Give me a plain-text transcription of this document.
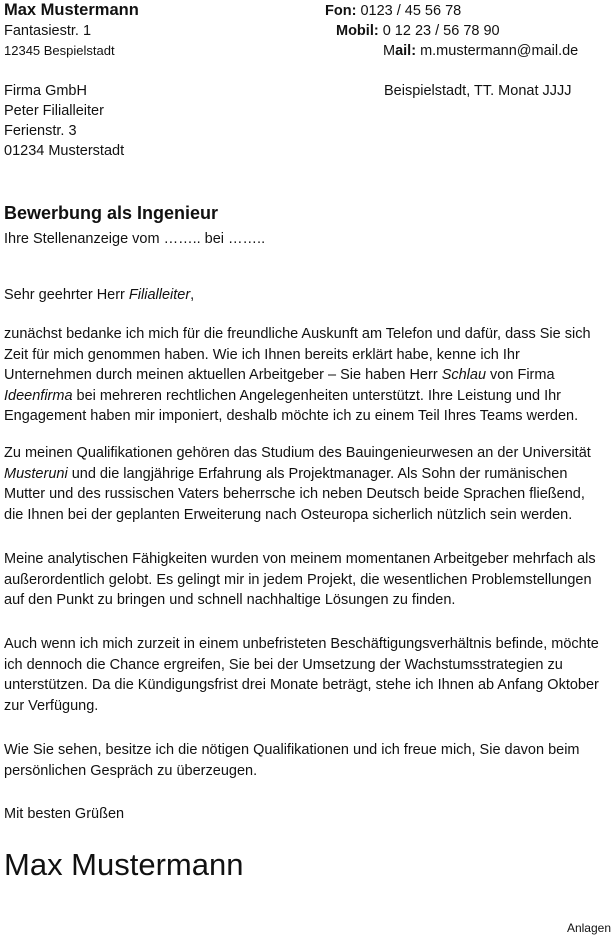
Max Mustermann
Fantasiestr. 1
12345 Bespielstadt
Fon: 0123 / 45 56 78
Mobil: 0 12 23 / 56 78 90
Mail: m.mustermann@mail.de
Firma GmbH
Peter Filialleiter
Ferienstr. 3
01234 Musterstadt
Beispielstadt, TT. Monat JJJJ
Bewerbung als Ingenieur
Ihre Stellenanzeige vom …….. bei ……..
Sehr geehrter Herr Filialleiter,

zunächst bedanke ich mich für die freundliche Auskunft am Telefon und dafür, dass Sie sich Zeit für mich genommen haben. Wie ich Ihnen bereits erklärt habe, kenne ich Ihr Unternehmen durch meinen aktuellen Arbeitgeber – Sie haben Herr Schlau von Firma Ideenfirma bei mehreren rechtlichen Angelegenheiten unterstützt. Ihre Leistung und Ihr Engagement haben mir imponiert, deshalb möchte ich zu einem Teil Ihres Teams werden.

Zu meinen Qualifikationen gehören das Studium des Bauingenieurwesen an der Universität Musteruni und die langjährige Erfahrung als Projektmanager. Als Sohn der rumänischen Mutter und des russischen Vaters beherrsche ich neben Deutsch beide Sprachen fließend, die Ihnen bei der geplanten Erweiterung nach Osteuropa sicherlich nützlich sein werden.

Meine analytischen Fähigkeiten wurden von meinem momentanen Arbeitgeber mehrfach als außerordentlich gelobt. Es gelingt mir in jedem Projekt, die wesentlichen Problemstellungen auf den Punkt zu bringen und schnell nachhaltige Lösungen zu finden.

Auch wenn ich mich zurzeit in einem unbefristeten Beschäftigungsverhältnis befinde, möchte ich dennoch die Chance ergreifen, Sie bei der Umsetzung der Wachstumsstrategien zu unterstützen. Da die Kündigungsfrist drei Monate beträgt, stehe ich Ihnen ab Anfang Oktober zur Verfügung.

Wie Sie sehen, besitze ich die nötigen Qualifikationen und ich freue mich, Sie davon beim persönlichen Gespräch zu überzeugen.

Mit besten Grüßen
Max Mustermann
Anlagen
